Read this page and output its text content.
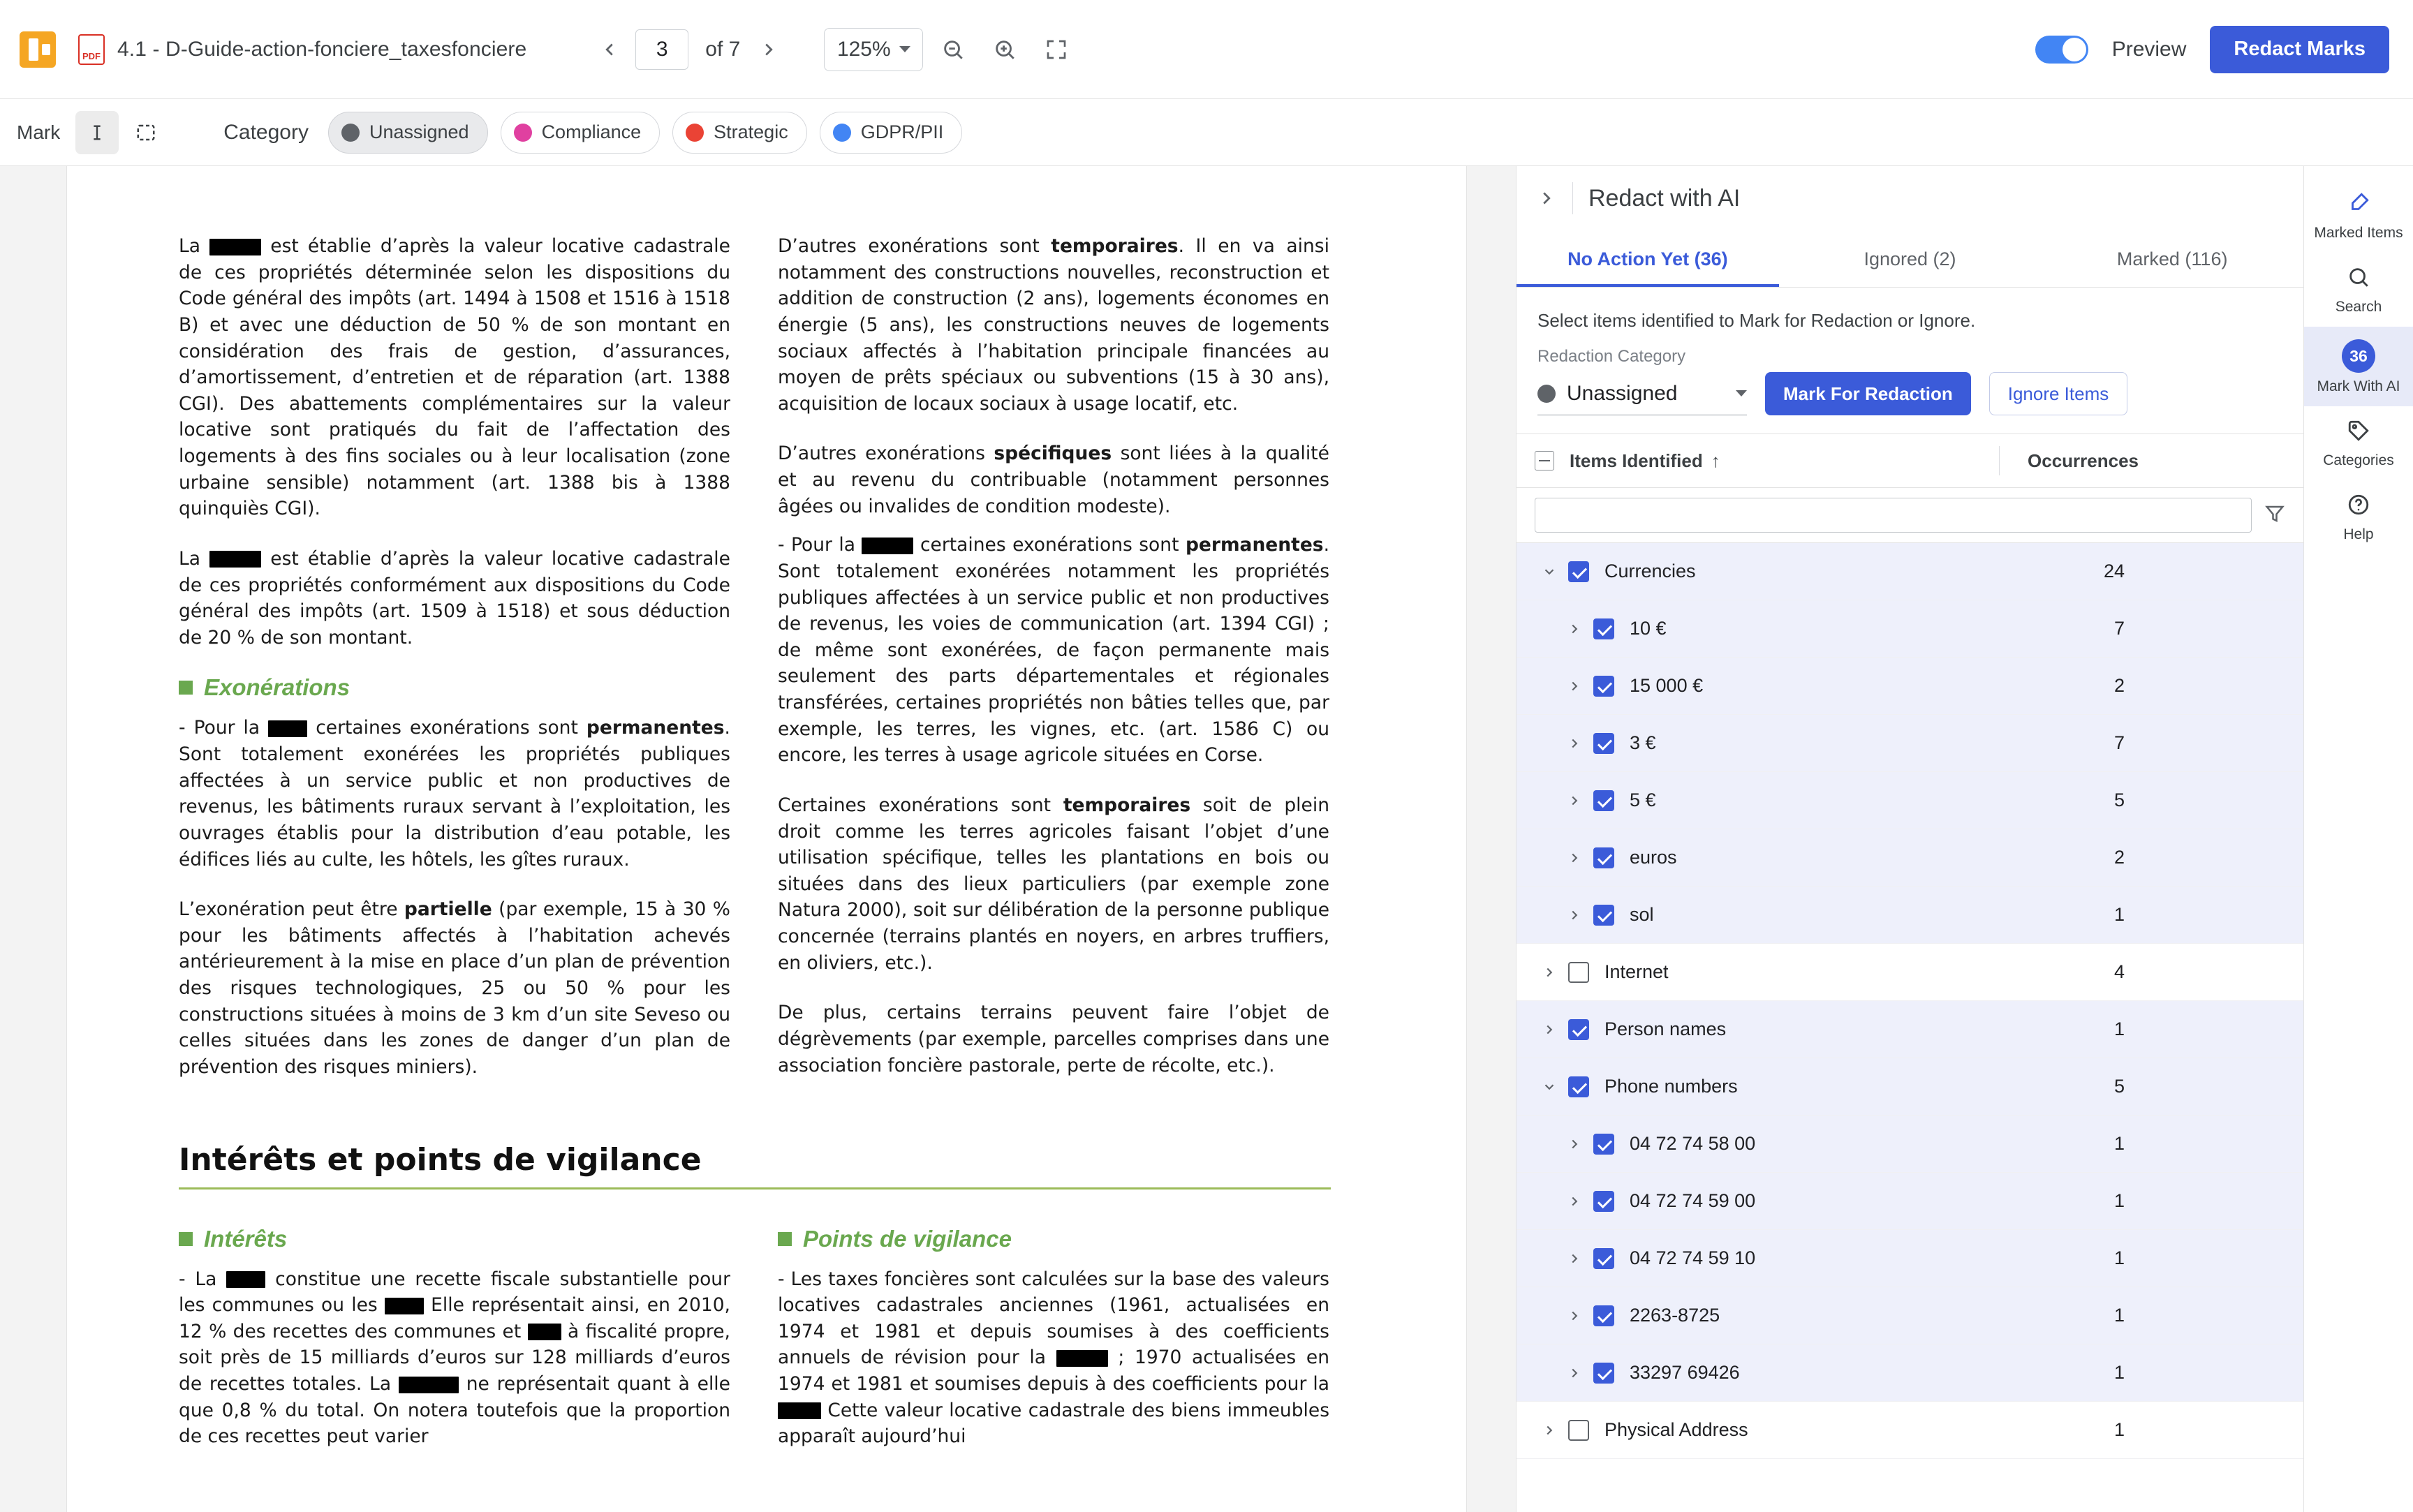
PDF 4.1 - D-Guide-action-fonciere_taxesfonciere
3	of 7	125%	Preview	Redact Marks
Mark	Category	Unassigned	Compliance	Strategic	GDPR/PII

La	est établie d’après la valeur locative cadastrale de ces propriétés déterminée selon les dispositions du Code général des impôts (art. 1494 à 1508 et 1516 à 1518 B) et avec une déduction de 50 % de son montant en considération des frais de gestion, d’assurances, d’amortissement, d’entretien et de réparation (art. 1388 CGI). Des abattements complémentaires sur la valeur locative sont pratiqués du fait de l’affectation des logements à des fins sociales ou à leur localisation (zone urbaine sensible) notamment (art. 1388 bis à 1388 quinquiès CGI).

La	est établie d’après la valeur locative cadastrale de ces propriétés conformément aux dispositions du Code général des impôts (art. 1509 à 1518) et sous déduction de 20 % de son montant.

Exonérations

- Pour la	certaines exonérations sont permanentes. Sont totalement exonérées les propriétés publiques affectées à un service public et non productives de revenus, les bâtiments ruraux servant à l’exploitation, les ouvrages établis pour la distribution d’eau potable, les édifices liés au culte, les hôtels, les gîtes ruraux.

L’exonération peut être partielle (par exemple, 15 à 30 % pour les bâtiments affectés à l’habitation achevés antérieurement à la mise en place d’un plan de prévention des risques technologiques, 25 ou 50 % pour les constructions situées à moins de 3 km d’un site Seveso ou celles situées dans les zones de danger d’un plan de prévention des risques miniers).

D’autres exonérations sont temporaires. Il en va ainsi notamment des constructions nouvelles, reconstruction et addition de construction (2 ans), logements économes en énergie (5 ans), les constructions neuves de logements sociaux affectés à l’habitation principale financées au moyen de prêts spéciaux ou subventions (15 à 30 ans), acquisition de locaux sociaux à usage locatif, etc.

D’autres exonérations spécifiques sont liées à la qualité et au revenu du contribuable (notamment personnes âgées ou invalides de condition modeste).

- Pour la	certaines exonérations sont permanentes. Sont totalement exonérées notamment les propriétés publiques affectées à un service public et non productives de revenus, les voies de communication (art. 1394 CGI) ; de même sont exonérées, de façon permanente mais seulement des parts départementales et régionales transférées, certaines propriétés non bâties telles que, par exemple, les terres, les vignes, etc. (art. 1586 C) ou encore, les terres à usage agricole situées en Corse.

Certaines exonérations sont temporaires soit de plein droit comme les terres agricoles faisant l’objet d’une utilisation spécifique, telles les plantations en bois ou situées dans des lieux particuliers (par exemple zone Natura 2000), soit sur délibération de la personne publique concernée (terrains plantés en noyers, en arbres truffiers, en oliviers, etc.).

De plus, certains terrains peuvent faire l’objet de dégrèvements (par exemple, parcelles comprises dans une association foncière pastorale, perte de récolte, etc.).

Intérêts et points de vigilance
Intérêts

- La	constitue une recette fiscale substantielle pour les communes ou les	Elle représentait ainsi, en 2010, 12 % des recettes des communes et	à fiscalité propre, soit près de 15 milliards d’euros sur 128 milliards d’euros de recettes totales. La	ne représentait quant à elle que 0,8 % du total. On notera toutefois que la proportion de ces recettes peut varier

Points de vigilance

- Les taxes foncières sont calculées sur la base des valeurs locatives cadastrales anciennes (1961, actualisées en 1974 et 1981 et depuis soumises à des coefficients annuels de révision pour la	; 1970 actualisées en 1974 et 1981 et soumises depuis à des coefficients pour la  Cette valeur locative cadastrale des biens immeubles apparaît aujourd’hui

Redact with AI
No Action Yet (36)	Ignored (2)	Marked (116)
Select items identified to Mark for Redaction or Ignore.
Redaction Category
Unassigned	Mark For Redaction	Ignore Items
Items Identified ↑	Occurrences
Currencies	24
10 €	7
15 000 €	2
3 €	7
5 €	5
euros	2
sol	1
Internet	4
Person names	1
Phone numbers	5
04 72 74 58 00	1
04 72 74 59 00	1
04 72 74 59 10	1
2263-8725	1
33297 69426	1
Physical Address	1
Marked Items
Search
36
Mark With AI
Categories
Help
